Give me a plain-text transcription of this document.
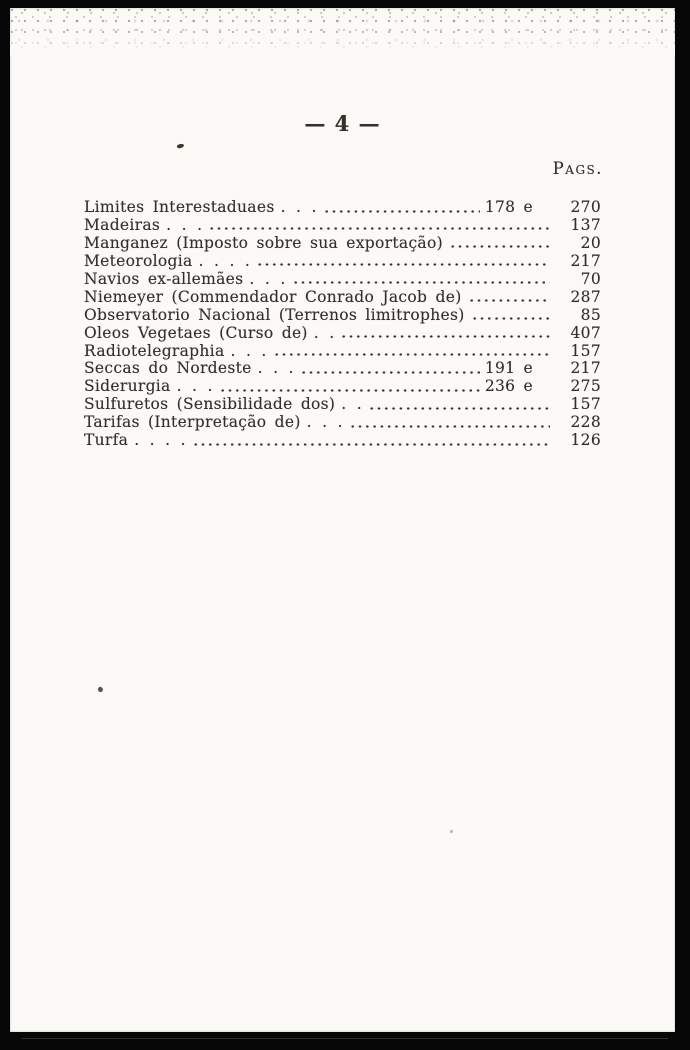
— 4 —
Pags.
Limites Interestaduaes . . .	178 e	270
Madeiras . . .	137
Manganez (Imposto sobre sua exportação)	20
Meteorologia . . . .	217
Navios ex-allemães . . .	70
Niemeyer (Commendador Conrado Jacob de)	287
Observatorio Nacional (Terrenos limitrophes)	85
Oleos Vegetaes (Curso de) . .	407
Radiotelegraphia . . .	157
Seccas do Nordeste . . .	191 e	217
Siderurgia . . .	236 e	275
Sulfuretos (Sensibilidade dos) . .	157
Tarifas (Interpretação de) . . .	228
Turfa . . . .	126
